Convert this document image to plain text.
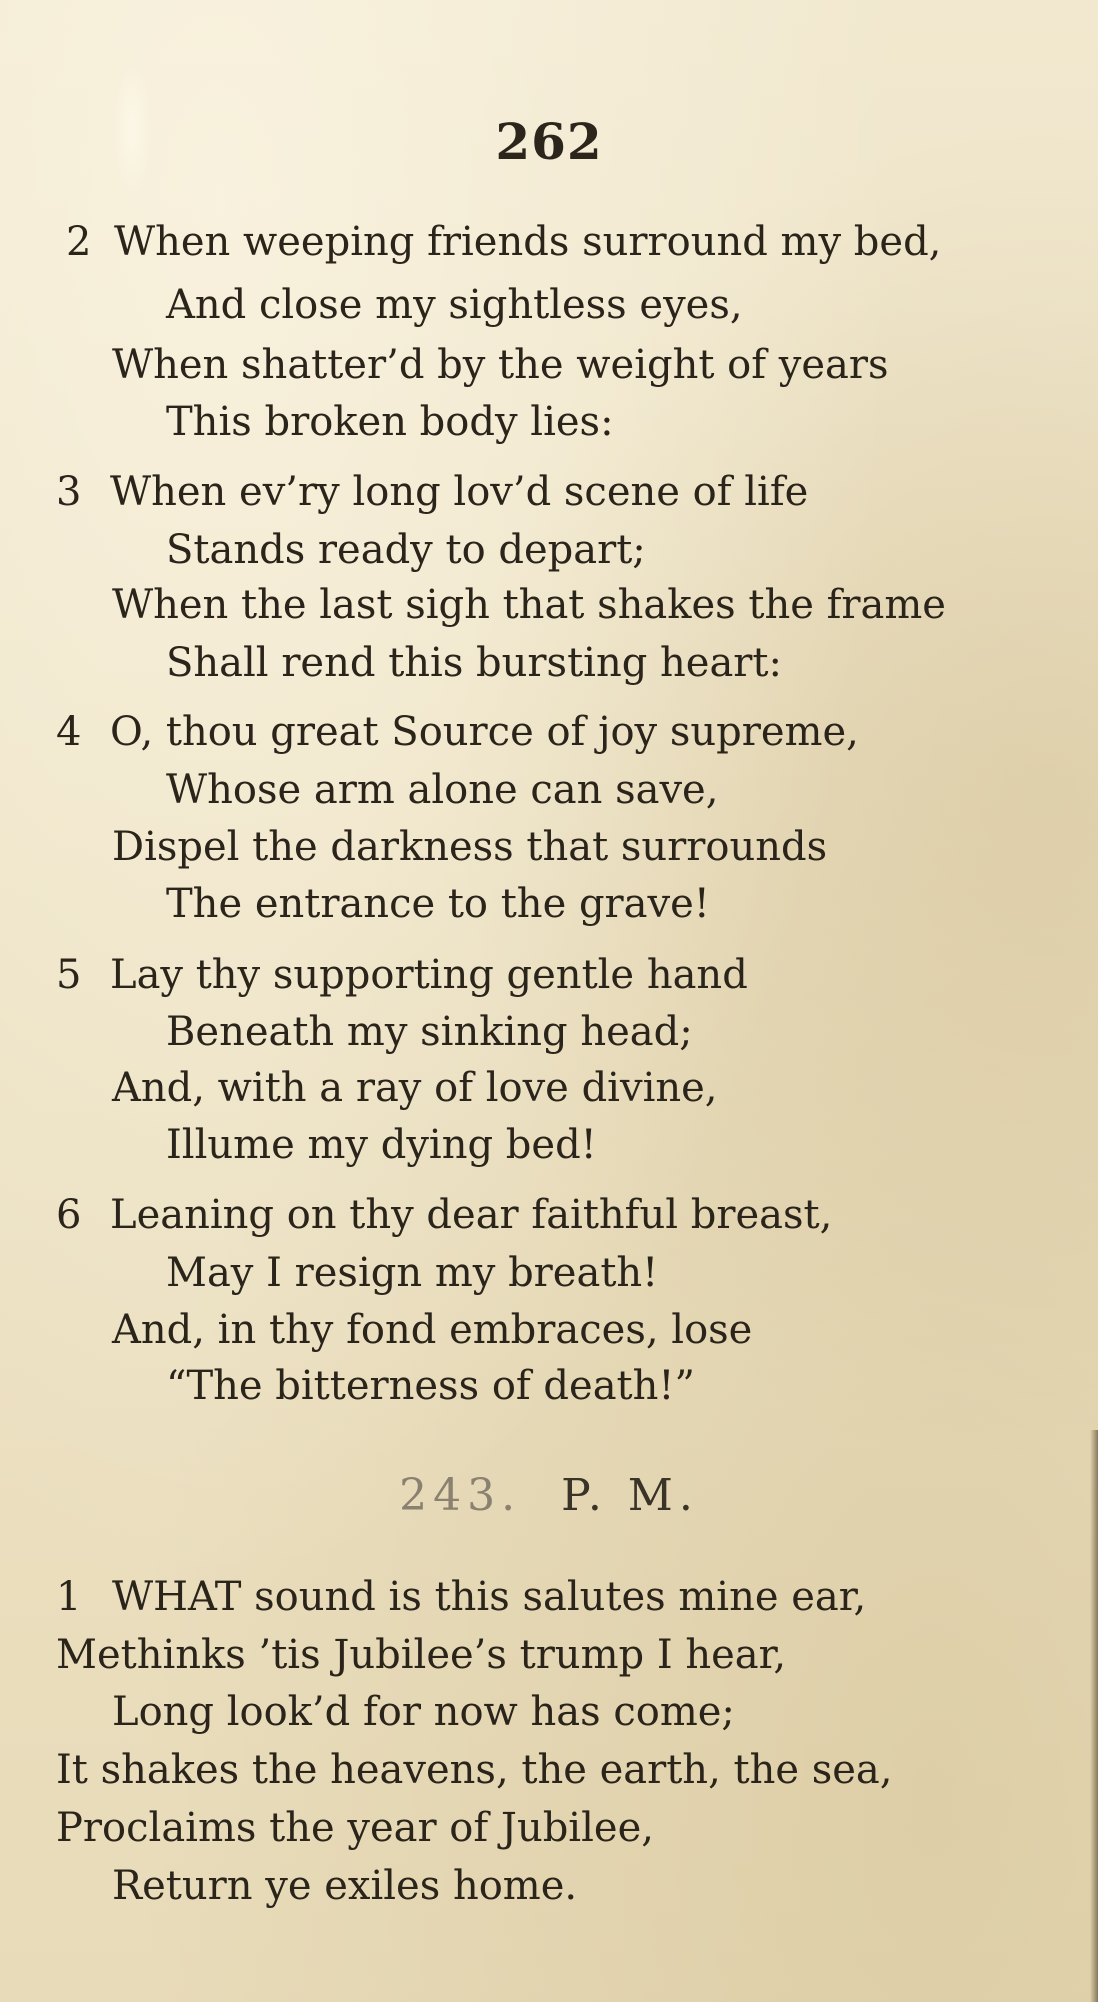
262
2 When weeping friends surround my bed,
And close my sightless eyes,
When shatter’d by the weight of years
This broken body lies:
3 When ev’ry long lov’d scene of life
Stands ready to depart;
When the last sigh that shakes the frame
Shall rend this bursting heart:
4 O, thou great Source of joy supreme,
Whose arm alone can save,
Dispel the darkness that surrounds
The entrance to the grave!
5 Lay thy supporting gentle hand
Beneath my sinking head;
And, with a ray of love divine,
Illume my dying bed!
6 Leaning on thy dear faithful breast,
May I resign my breath!
And, in thy fond embraces, lose
“The bitterness of death!”
243. P. M.
1 WHAT sound is this salutes mine ear,
Methinks ’tis Jubilee’s trump I hear,
Long look’d for now has come;
It shakes the heavens, the earth, the sea,
Proclaims the year of Jubilee,
Return ye exiles home.
